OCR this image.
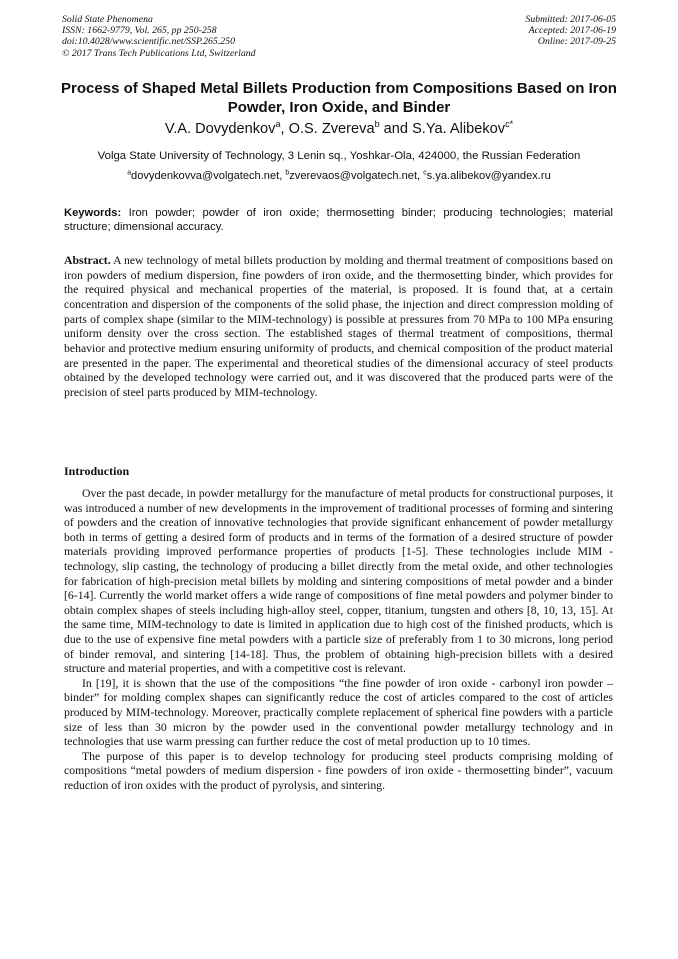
Solid State Phenomena
ISSN: 1662-9779, Vol. 265, pp 250-258
doi:10.4028/www.scientific.net/SSP.265.250
© 2017 Trans Tech Publications Ltd, Switzerland
Submitted: 2017-06-05
Accepted: 2017-06-19
Online: 2017-09-25
Process of Shaped Metal Billets Production from Compositions Based on Iron Powder, Iron Oxide, and Binder
V.A. Dovydenkov$^a$, O.S. Zvereva$^b$ and S.Ya. Alibekov$^{c*}$
Volga State University of Technology, 3 Lenin sq., Yoshkar-Ola, 424000, the Russian Federation
$^a$dovydenkovva@volgatech.net, $^b$zverevaos@volgatech.net, $^c$s.ya.alibekov@yandex.ru
Keywords: Iron powder; powder of iron oxide; thermosetting binder; producing technologies; material structure; dimensional accuracy.
Abstract. A new technology of metal billets production by molding and thermal treatment of compositions based on iron powders of medium dispersion, fine powders of iron oxide, and the thermosetting binder, which provides for the required physical and mechanical properties of the material, is proposed. It is found that, at a certain concentration and dispersion of the components of the solid phase, the injection and direct compression molding of parts of complex shape (similar to the MIM-technology) is possible at pressures from 70 MPa to 100 MPa ensuring uniform density over the cross section. The established stages of thermal treatment of compositions, thermal behavior and protective medium ensuring uniformity of products, and chemical composition of the product material are presented in the paper. The experimental and theoretical studies of the dimensional accuracy of steel products obtained by the developed technology were carried out, and it was discovered that the produced parts were of the precision of steel parts produced by MIM-technology.
Introduction

Over the past decade, in powder metallurgy for the manufacture of metal products for constructional purposes, it was introduced a number of new developments in the improvement of traditional processes of forming and sintering of powders and the creation of innovative technologies that provide significant enhancement of powder metallurgy both in terms of getting a desired form of products and in terms of the formation of a desired structure of powder materials providing improved performance properties of products [1-5]. These technologies include MIM - technology, slip casting, the technology of producing a billet directly from the metal oxide, and other technologies for fabrication of high-precision metal billets by molding and sintering compositions of metal powder and a binder [6-14]. Currently the world market offers a wide range of compositions of fine metal powders and polymer binder to obtain complex shapes of steels including high-alloy steel, copper, titanium, tungsten and others [8, 10, 13, 15]. At the same time, MIM-technology to date is limited in application due to high cost of the finished products, which is due to the use of expensive fine metal powders with a particle size of preferably from 1 to 30 microns, long period of binder removal, and sintering [14-18]. Thus, the problem of obtaining high-precision billets with a desired structure and material properties, and with a competitive cost is relevant.

In [19], it is shown that the use of the compositions “the fine powder of iron oxide - carbonyl iron powder – binder” for molding complex shapes can significantly reduce the cost of articles compared to the cost of articles produced by MIM-technology. Moreover, practically complete replacement of spherical fine powders with a particle size of less than 30 micron by the powder used in the conventional powder metallurgy technology and in technologies that use warm pressing can further reduce the cost of metal production up to 10 times.

The purpose of this paper is to develop technology for producing steel products comprising molding of compositions “metal powders of medium dispersion - fine powders of iron oxide - thermosetting binder”, vacuum reduction of iron oxides with the product of pyrolysis, and sintering.
